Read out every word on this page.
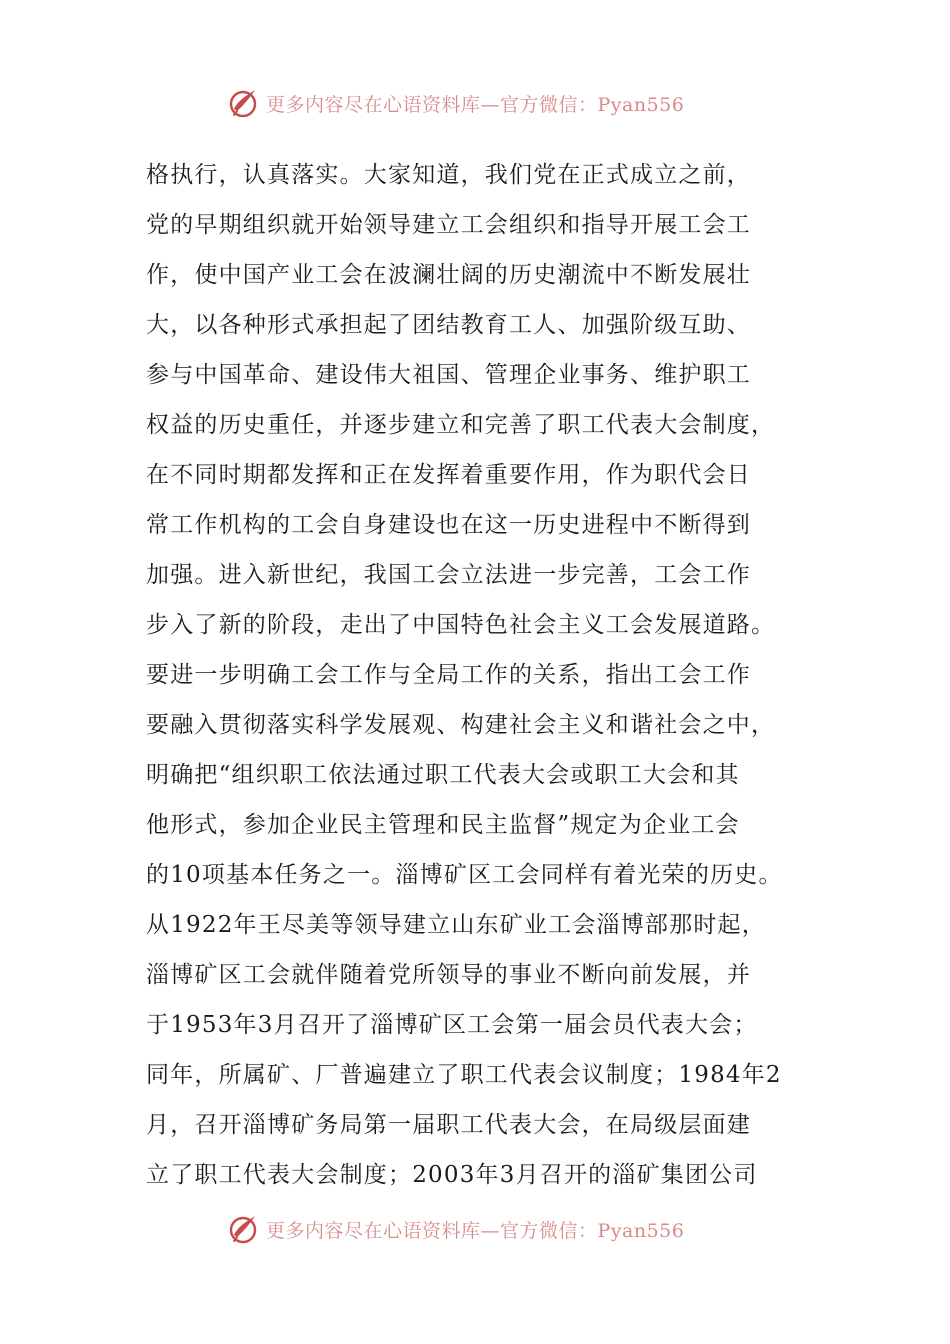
更多内容尽在心语资料库—官方微信：Pyan556
格执行，认真落实。大家知道，我们党在正式成立之前，
党的早期组织就开始领导建立工会组织和指导开展工会工
作，使中国产业工会在波澜壮阔的历史潮流中不断发展壮
大，以各种形式承担起了团结教育工人、加强阶级互助、
参与中国革命、建设伟大祖国、管理企业事务、维护职工
权益的历史重任，并逐步建立和完善了职工代表大会制度，
在不同时期都发挥和正在发挥着重要作用，作为职代会日
常工作机构的工会自身建设也在这一历史进程中不断得到
加强。进入新世纪，我国工会立法进一步完善，工会工作
步入了新的阶段，走出了中国特色社会主义工会发展道路。
要进一步明确工会工作与全局工作的关系，指出工会工作
要融入贯彻落实科学发展观、构建社会主义和谐社会之中，
明确把“组织职工依法通过职工代表大会或职工大会和其
他形式，参加企业民主管理和民主监督”规定为企业工会
的10项基本任务之一。淄博矿区工会同样有着光荣的历史。
从1922年王尽美等领导建立山东矿业工会淄博部那时起，
淄博矿区工会就伴随着党所领导的事业不断向前发展，并
于1953年3月召开了淄博矿区工会第一届会员代表大会；
同年，所属矿、厂普遍建立了职工代表会议制度；1984年2
月，召开淄博矿务局第一届职工代表大会，在局级层面建
立了职工代表大会制度；2003年3月召开的淄矿集团公司
更多内容尽在心语资料库—官方微信：Pyan556
